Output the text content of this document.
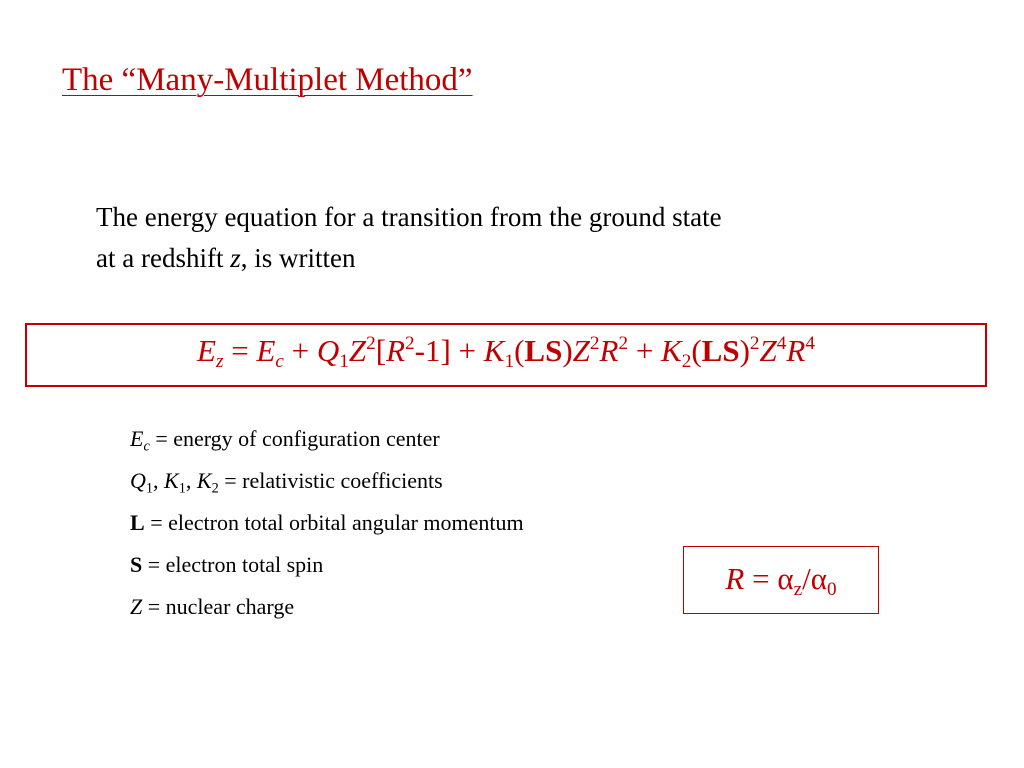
The “Many-Multiplet Method”
The energy equation for a transition from the ground state
at a redshift z, is written
$E_z = E_c + Q_1Z^2[R^2-1] + K_1(LS)Z^2R^2 + K_2(LS)^2Z^4R^4$
$E_c$ = energy of configuration center
$Q_1$, $K_1$, $K_2$ = relativistic coefficients
L = electron total orbital angular momentum
S = electron total spin
Z = nuclear charge
$R = \alpha_z/\alpha_0$
